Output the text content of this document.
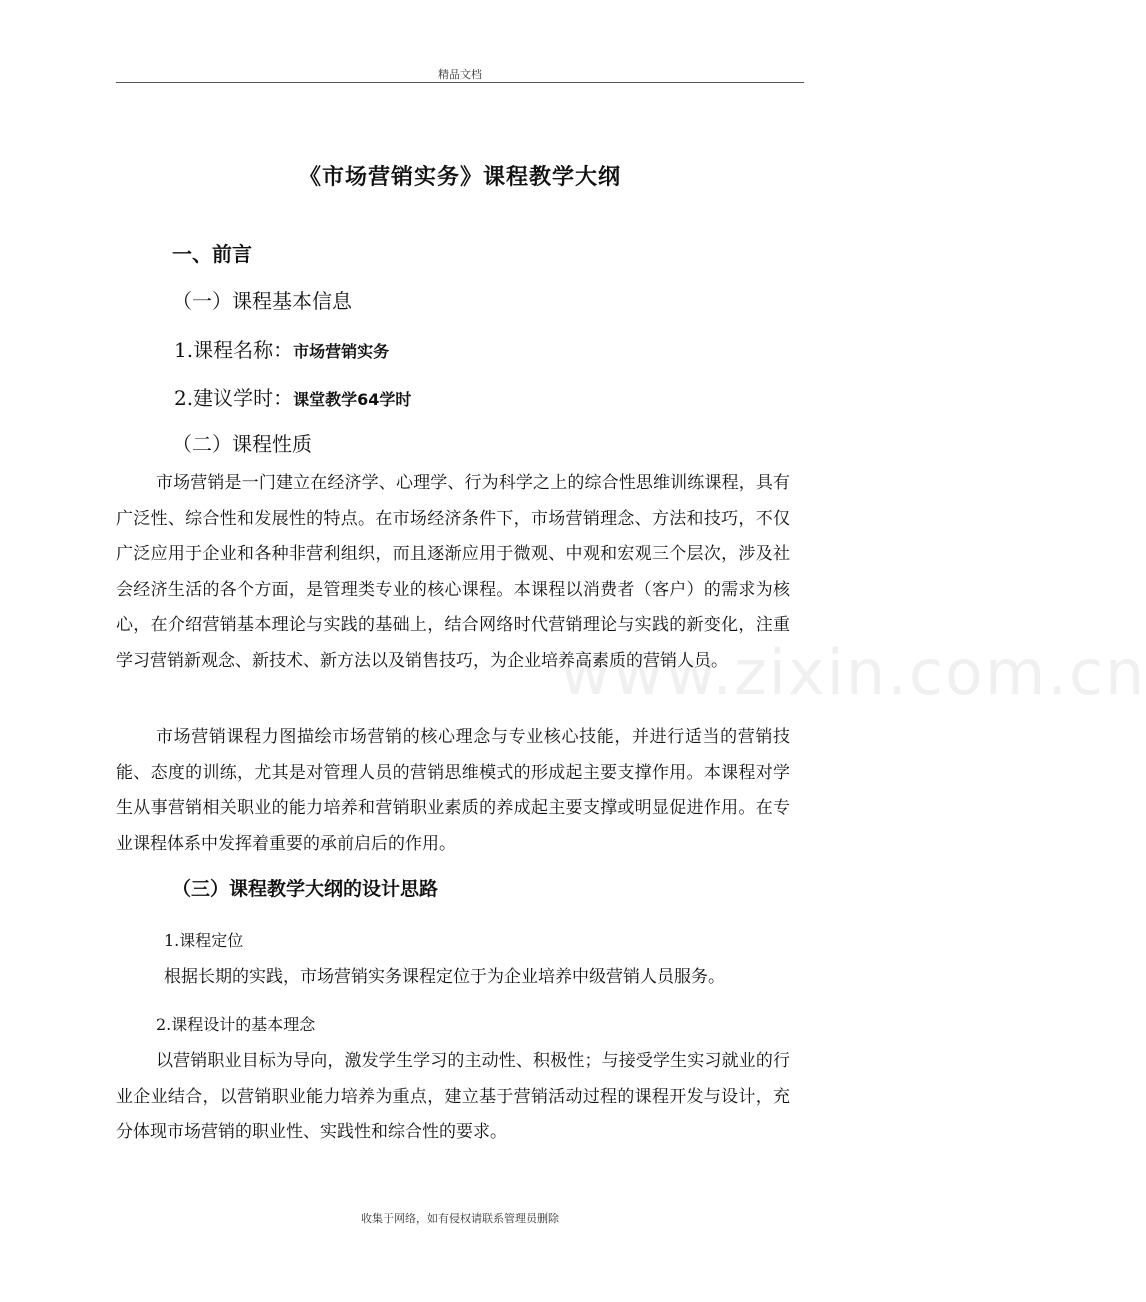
精品文档
www.zixin.com.cn
《市场营销实务》课程教学大纲
一、前言
（一）课程基本信息
1.课程名称：市场营销实务
2.建议学时：课堂教学64学时
（二）课程性质

市场营销是一门建立在经济学、心理学、行为科学之上的综合性思维训练课程，具有广泛性、综合性和发展性的特点。在市场经济条件下，市场营销理念、方法和技巧，不仅广泛应用于企业和各种非营利组织，而且逐渐应用于微观、中观和宏观三个层次，涉及社会经济生活的各个方面，是管理类专业的核心课程。本课程以消费者（客户）的需求为核心，在介绍营销基本理论与实践的基础上，结合网络时代营销理论与实践的新变化，注重学习营销新观念、新技术、新方法以及销售技巧，为企业培养高素质的营销人员。

市场营销课程力图描绘市场营销的核心理念与专业核心技能，并进行适当的营销技能、态度的训练，尤其是对管理人员的营销思维模式的形成起主要支撑作用。本课程对学生从事营销相关职业的能力培养和营销职业素质的养成起主要支撑或明显促进作用。在专业课程体系中发挥着重要的承前启后的作用。

（三）课程教学大纲的设计思路
1.课程定位
根据长期的实践，市场营销实务课程定位于为企业培养中级营销人员服务。
2.课程设计的基本理念

以营销职业目标为导向，激发学生学习的主动性、积极性；与接受学生实习就业的行业企业结合，以营销职业能力培养为重点，建立基于营销活动过程的课程开发与设计，充分体现市场营销的职业性、实践性和综合性的要求。

收集于网络，如有侵权请联系管理员删除
